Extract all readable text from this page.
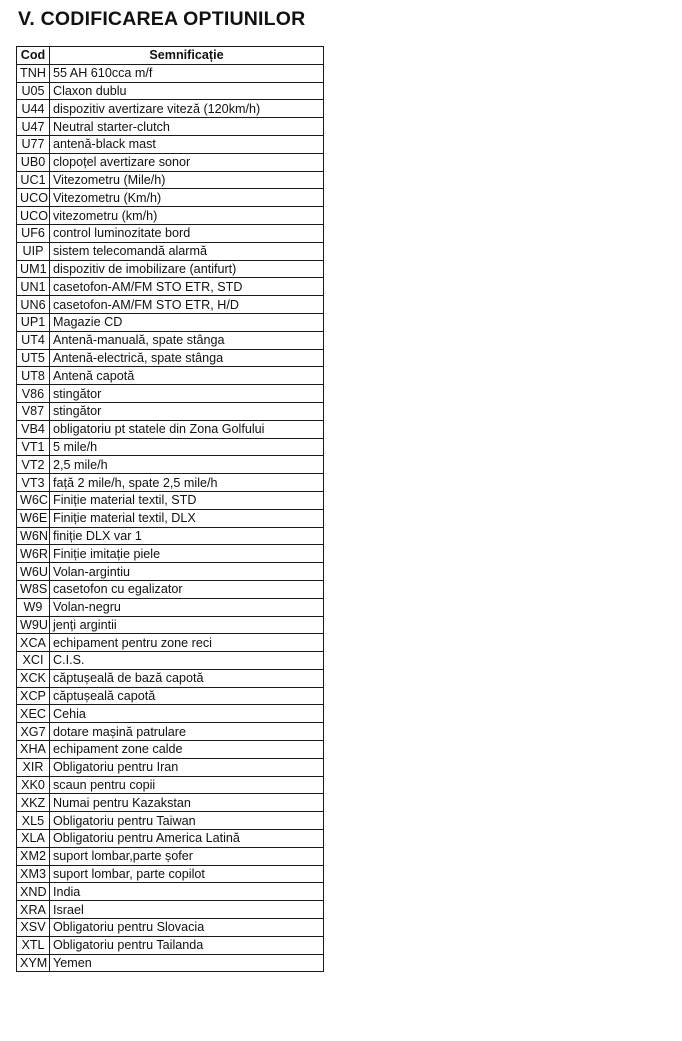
V. CODIFICAREA OPTIUNILOR
Cod	Semnificație
TNH	55 AH 610cca m/f
U05	Claxon dublu
U44	dispozitiv avertizare viteză (120km/h)
U47	Neutral starter-clutch
U77	antenă-black mast
UB0	clopoțel avertizare sonor
UC1	Vitezometru (Mile/h)
UCO	Vitezometru (Km/h)
UCO	vitezometru (km/h)
UF6	control luminozitate bord
UIP	sistem telecomandă alarmă
UM1	dispozitiv de imobilizare (antifurt)
UN1	casetofon-AM/FM STO ETR, STD
UN6	casetofon-AM/FM STO ETR, H/D
UP1	Magazie CD
UT4	Antenă-manuală, spate stânga
UT5	Antenă-electrică, spate stânga
UT8	Antenă capotă
V86	stingător
V87	stingător
VB4	obligatoriu pt statele din Zona Golfului
VT1	5 mile/h
VT2	2,5 mile/h
VT3	față 2 mile/h, spate 2,5 mile/h
W6C	Finiție material textil, STD
W6E	Finiție material textil, DLX
W6N	finiție DLX var 1
W6R	Finiție imitație piele
W6U	Volan-argintiu
W8S	casetofon cu egalizator
W9	Volan-negru
W9U	jenți argintii
XCA	echipament pentru zone reci
XCI	C.I.S.
XCK	căptușeală de bază capotă
XCP	căptușeală capotă
XEC	Cehia
XG7	dotare mașină patrulare
XHA	echipament zone calde
XIR	Obligatoriu pentru Iran
XK0	scaun pentru copii
XKZ	Numai pentru Kazakstan
XL5	Obligatoriu pentru Taiwan
XLA	Obligatoriu pentru America Latină
XM2	suport lombar,parte șofer
XM3	suport lombar, parte copilot
XND	India
XRA	Israel
XSV	Obligatoriu pentru Slovacia
XTL	Obligatoriu pentru Tailanda
XYM	Yemen
